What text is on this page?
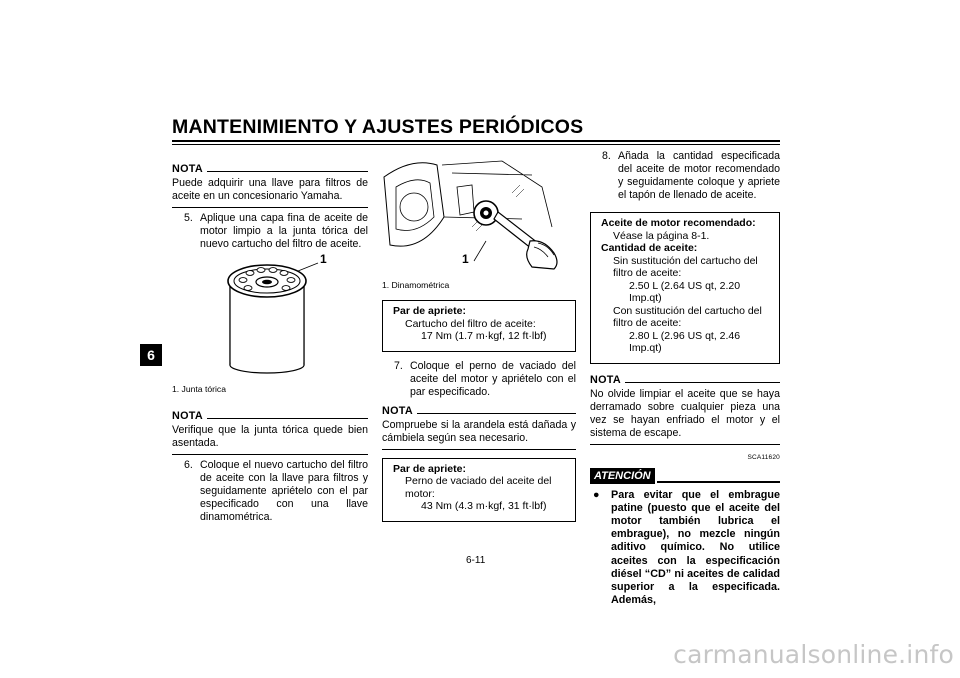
MANTENIMIENTO Y AJUSTES PERIÓDICOS
6
NOTA

Puede adquirir una llave para filtros de aceite en un concesionario Yamaha.

5. Aplique una capa fina de aceite de motor limpio a la junta tórica del nuevo cartucho del filtro de aceite.
1
1. Junta tórica
NOTA

Verifique que la junta tórica quede bien asentada.

6. Coloque el nuevo cartucho del filtro de aceite con la llave para filtros y seguidamente apriételo con el par especificado con una llave dinamométrica.
1
1. Dinamométrica
Par de apriete:
Cartucho del filtro de aceite:
17 Nm (1.7 m·kgf, 12 ft·lbf)
7. Coloque el perno de vaciado del aceite del motor y apriételo con el par especificado.
NOTA

Compruebe si la arandela está dañada y cámbiela según sea necesario.

Par de apriete:
Perno de vaciado del aceite del motor:
43 Nm (4.3 m·kgf, 31 ft·lbf)
8. Añada la cantidad especificada del aceite de motor recomendado y seguidamente coloque y apriete el tapón de llenado de aceite.
Aceite de motor recomendado:
Véase la página 8-1.
Cantidad de aceite:
Sin sustitución del cartucho del filtro de aceite:
2.50 L (2.64 US qt, 2.20 Imp.qt)
Con sustitución del cartucho del filtro de aceite:
2.80 L (2.96 US qt, 2.46 Imp.qt)
NOTA

No olvide limpiar el aceite que se haya derramado sobre cualquier pieza una vez se hayan enfriado el motor y el sistema de escape.

SCA11620
ATENCIÓN
●	Para evitar que el embrague patine (puesto que el aceite del motor también lubrica el embrague), no mezcle ningún aditivo químico. No utilice aceites con la especificación diésel “CD” ni aceites de calidad superior a la especificada. Además,
6-11
carmanualsonline.info
